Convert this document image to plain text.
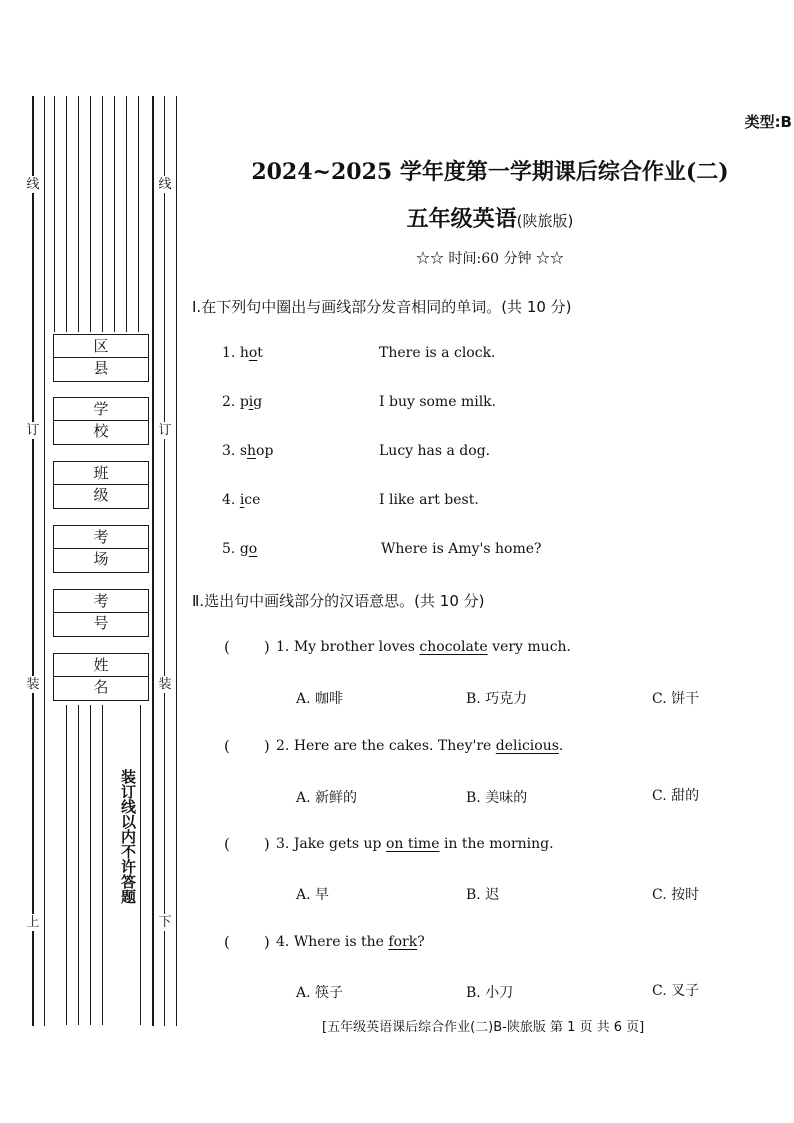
线
订
装
上
线
订
装
下
区县
学校
班级
考场
考号
姓名
装订线以内不许答题
类型:B
2024~2025 学年度第一学期课后综合作业(二)
五年级英语(陕旅版)
☆☆ 时间:60 分钟 ☆☆
Ⅰ.在下列句中圈出与画线部分发音相同的单词。(共 10 分)
1. hot	There is a clock.
2. pig	I buy some milk.
3. shop	Lucy has a dog.
4. ice	I like art best.
5. go	Where is Amy's home?
Ⅱ.选出句中画线部分的汉语意思。(共 10 分)
( ) 1. My brother loves chocolate very much.
A. 咖啡	B. 巧克力	C. 饼干
( ) 2. Here are the cakes. They're delicious.
A. 新鲜的	B. 美味的	C. 甜的
( ) 3. Jake gets up on time in the morning.
A. 早	B. 迟	C. 按时
( ) 4. Where is the fork?
A. 筷子	B. 小刀	C. 叉子
[五年级英语课后综合作业(二)B-陕旅版 第 1 页 共 6 页]
